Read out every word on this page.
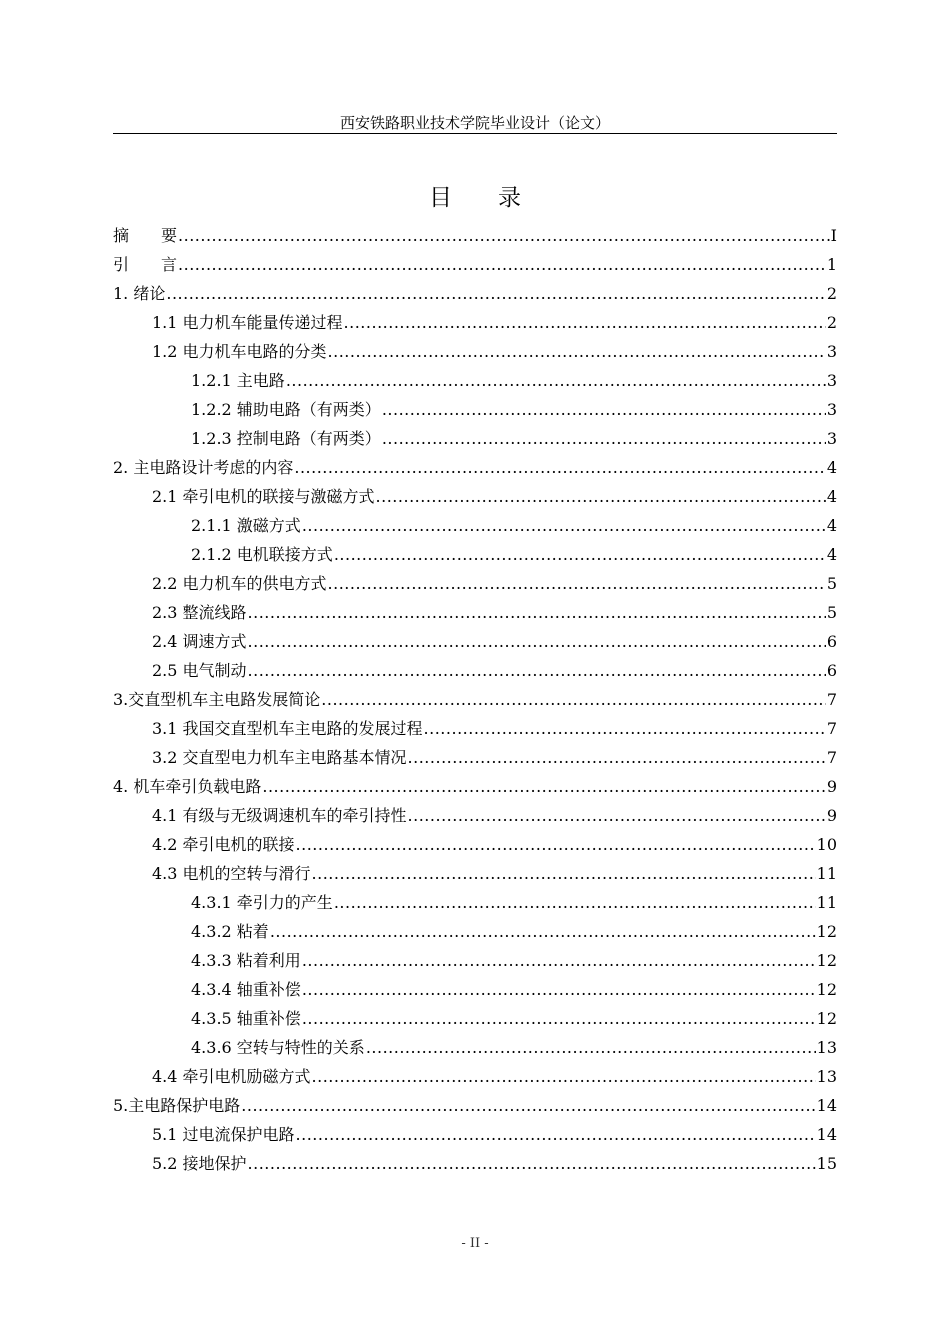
西安铁路职业技术学院毕业设计（论文）
目　　录
摘　　要 .....	I
引　　言 .....	1
1. 绪论 .....	2
1.1 电力机车能量传递过程 .....	2
1.2 电力机车电路的分类 .....	3
1.2.1 主电路 .....	3
1.2.2 辅助电路（有两类） .....	3
1.2.3 控制电路（有两类） .....	3
2. 主电路设计考虑的内容 .....	4
2.1 牵引电机的联接与激磁方式 .....	4
2.1.1 激磁方式 .....	4
2.1.2 电机联接方式 .....	4
2.2 电力机车的供电方式 .....	5
2.3 整流线路 .....	5
2.4 调速方式 .....	6
2.5 电气制动 .....	6
3.交直型机车主电路发展简论 .....	7
3.1 我国交直型机车主电路的发展过程 .....	7
3.2 交直型电力机车主电路基本情况 .....	7
4. 机车牵引负载电路 .....	9
4.1 有级与无级调速机车的牵引持性 .....	9
4.2 牵引电机的联接 .....	10
4.3 电机的空转与滑行 .....	11
4.3.1 牵引力的产生 .....	11
4.3.2 粘着 .....	12
4.3.3 粘着利用 .....	12
4.3.4 轴重补偿 .....	12
4.3.5 轴重补偿 .....	12
4.3.6 空转与特性的关系 .....	13
4.4 牵引电机励磁方式 .....	13
5.主电路保护电路 .....	14
5.1 过电流保护电路 .....	14
5.2 接地保护 .....	15
- II -
